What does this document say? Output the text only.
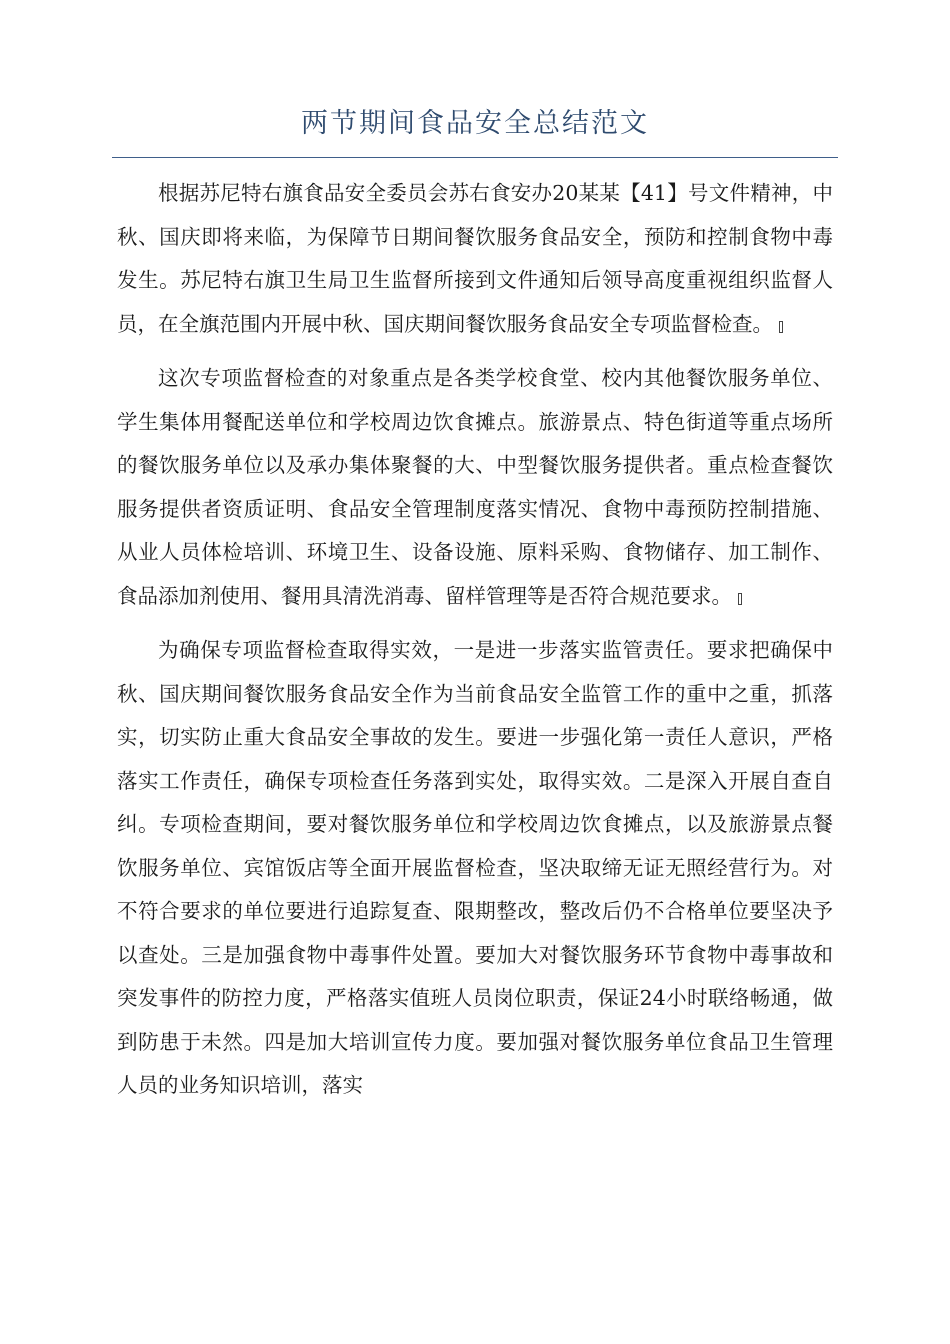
两节期间食品安全总结范文

根据苏尼特右旗食品安全委员会苏右食安办20某某【41】号文件精神，中秋、国庆即将来临，为保障节日期间餐饮服务食品安全，预防和控制食物中毒发生。苏尼特右旗卫生局卫生监督所接到文件通知后领导高度重视组织监督人员，在全旗范围内开展中秋、国庆期间餐饮服务食品安全专项监督检查。

这次专项监督检查的对象重点是各类学校食堂、校内其他餐饮服务单位、学生集体用餐配送单位和学校周边饮食摊点。旅游景点、特色街道等重点场所的餐饮服务单位以及承办集体聚餐的大、中型餐饮服务提供者。重点检查餐饮服务提供者资质证明、食品安全管理制度落实情况、食物中毒预防控制措施、从业人员体检培训、环境卫生、设备设施、原料采购、食物储存、加工制作、食品添加剂使用、餐用具清洗消毒、留样管理等是否符合规范要求。

为确保专项监督检查取得实效，一是进一步落实监管责任。要求把确保中秋、国庆期间餐饮服务食品安全作为当前食品安全监管工作的重中之重，抓落实，切实防止重大食品安全事故的发生。要进一步强化第一责任人意识，严格落实工作责任，确保专项检查任务落到实处，取得实效。二是深入开展自查自纠。专项检查期间，要对餐饮服务单位和学校周边饮食摊点，以及旅游景点餐饮服务单位、宾馆饭店等全面开展监督检查，坚决取缔无证无照经营行为。对不符合要求的单位要进行追踪复查、限期整改，整改后仍不合格单位要坚决予以查处。三是加强食物中毒事件处置。要加大对餐饮服务环节食物中毒事故和突发事件的防控力度，严格落实值班人员岗位职责，保证24小时联络畅通，做到防患于未然。四是加大培训宣传力度。要加强对餐饮服务单位食品卫生管理人员的业务知识培训，落实
